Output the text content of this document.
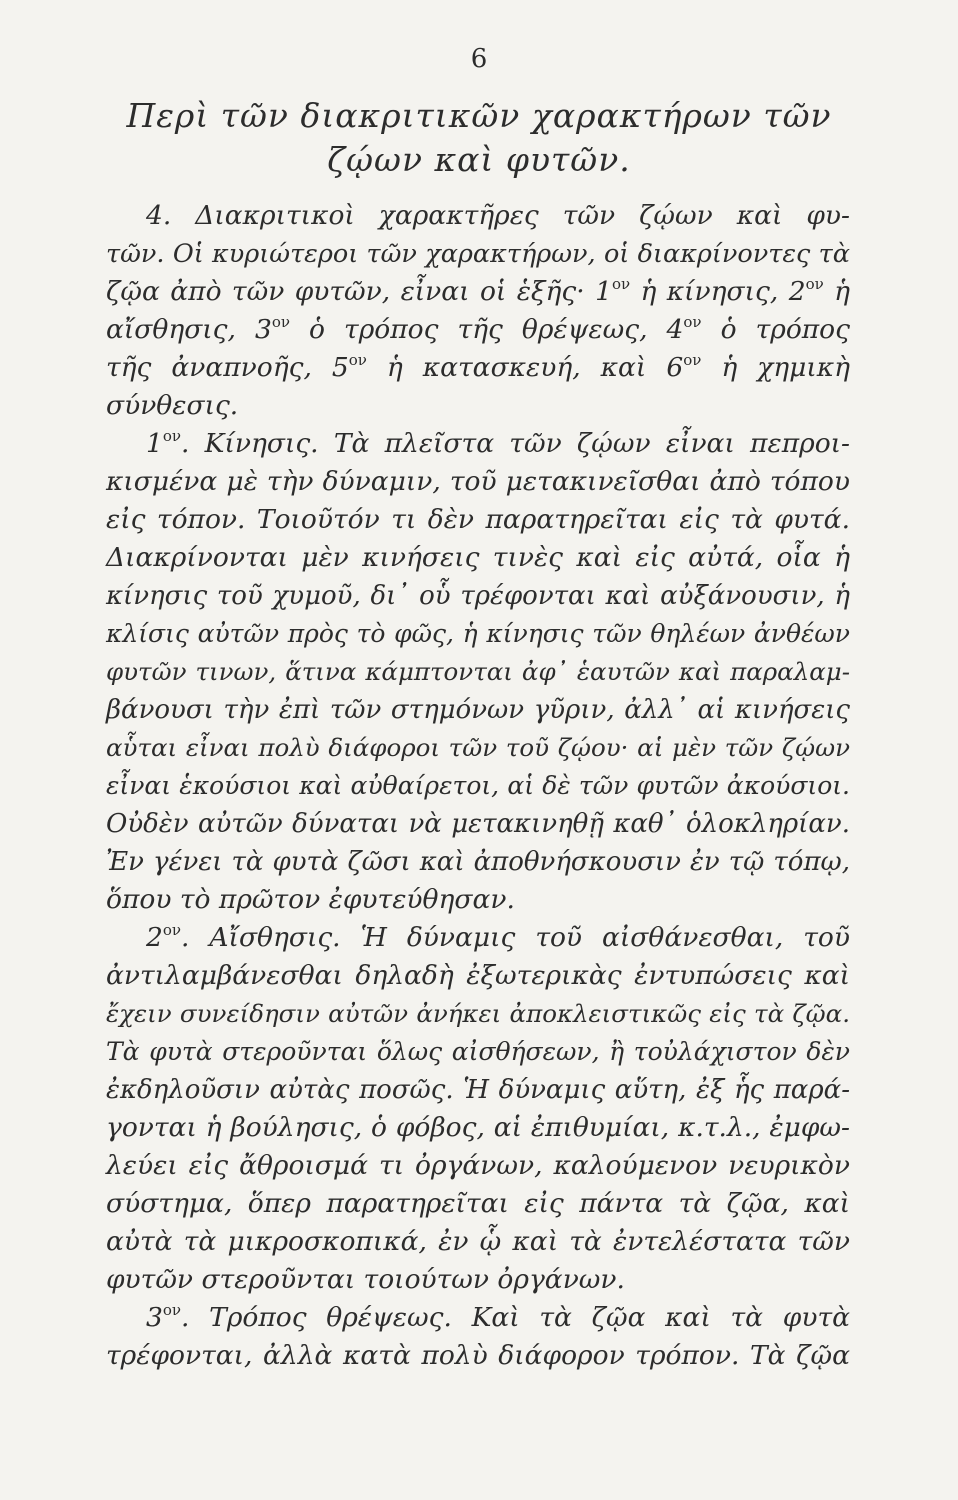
6
Περὶ τῶν διακριτικῶν χαρακτήρων τῶν
ζῴων καὶ φυτῶν.
4. Διακριτικοὶ χαρακτῆρες τῶν ζῴων καὶ φυ-
τῶν. Οἱ κυριώτεροι τῶν χαρακτήρων, οἱ διακρίνοντες τὰ
ζῷα ἀπὸ τῶν φυτῶν, εἶναι οἱ ἑξῆς· $1^{o\nu}$ ἡ κίνησις, $2^{o\nu}$ ἡ
αἴσθησις, $3^{o\nu}$ ὁ τρόπος τῆς θρέψεως, $4^{o\nu}$ ὁ τρόπος
τῆς ἀναπνοῆς, $5^{o\nu}$ ἡ κατασκευή, καὶ $6^{o\nu}$ ἡ χημικὴ
σύνθεσις.
$1^{o\nu}$. Κίνησις. Τὰ πλεῖστα τῶν ζῴων εἶναι πεπροι-
κισμένα μὲ τὴν δύναμιν, τοῦ μετακινεῖσθαι ἀπὸ τόπου
εἰς τόπον. Τοιοῦτόν τι δὲν παρατηρεῖται εἰς τὰ φυτά.
Διακρίνονται μὲν κινήσεις τινὲς καὶ εἰς αὐτά, οἷα ἡ
κίνησις τοῦ χυμοῦ, δι᾽ οὗ τρέφονται καὶ αὐξάνουσιν, ἡ
κλίσις αὐτῶν πρὸς τὸ φῶς, ἡ κίνησις τῶν θηλέων ἀνθέων
φυτῶν τινων, ἅτινα κάμπτονται ἀφ᾽ ἑαυτῶν καὶ παραλαμ-
βάνουσι τὴν ἐπὶ τῶν στημόνων γῦριν, ἀλλ᾽ αἱ κινήσεις
αὗται εἶναι πολὺ διάφοροι τῶν τοῦ ζῴου· αἱ μὲν τῶν ζῴων
εἶναι ἑκούσιοι καὶ αὐθαίρετοι, αἱ δὲ τῶν φυτῶν ἀκούσιοι.
Οὐδὲν αὐτῶν δύναται νὰ μετακινηθῇ καθ᾽ ὁλοκληρίαν.
Ἐν γένει τὰ φυτὰ ζῶσι καὶ ἀποθνήσκουσιν ἐν τῷ τόπῳ,
ὅπου τὸ πρῶτον ἐφυτεύθησαν.
$2^{o\nu}$. Αἴσθησις. Ἡ δύναμις τοῦ αἰσθάνεσθαι, τοῦ
ἀντιλαμβάνεσθαι δηλαδὴ ἐξωτερικὰς ἐντυπώσεις καὶ
ἔχειν συνείδησιν αὐτῶν ἀνήκει ἀποκλειστικῶς εἰς τὰ ζῷα.
Τὰ φυτὰ στεροῦνται ὅλως αἰσθήσεων, ἢ τοὐλάχιστον δὲν
ἐκδηλοῦσιν αὐτὰς ποσῶς. Ἡ δύναμις αὕτη, ἐξ ἧς παρά-
γονται ἡ βούλησις, ὁ φόβος, αἱ ἐπιθυμίαι, κ.τ.λ., ἐμφω-
λεύει εἰς ἄθροισμά τι ὀργάνων, καλούμενον νευρικὸν
σύστημα, ὅπερ παρατηρεῖται εἰς πάντα τὰ ζῷα, καὶ
αὐτὰ τὰ μικροσκοπικά, ἐν ᾧ καὶ τὰ ἐντελέστατα τῶν
φυτῶν στεροῦνται τοιούτων ὀργάνων.
$3^{o\nu}$. Τρόπος θρέψεως. Καὶ τὰ ζῷα καὶ τὰ φυτὰ
τρέφονται, ἀλλὰ κατὰ πολὺ διάφορον τρόπον. Τὰ ζῷα
